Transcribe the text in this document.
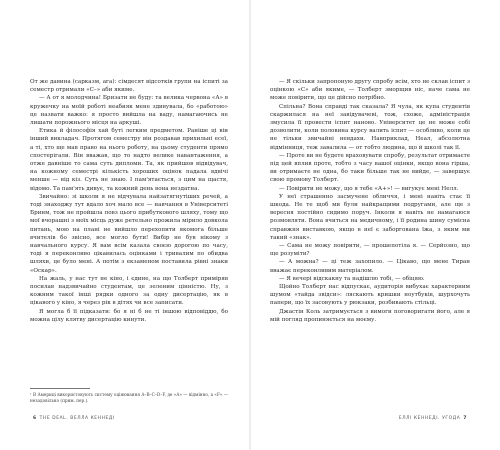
От же давина (сарказм, ага): сімдесят відсотків групи на іспиті за семестр отримали «С–» аби якиме.

— А от я молодчина! Бризати не буду: та велика червона «А» в кружечку на моїй роботі неабияк мене здивувала, бо «работою» це назвати важко: я просто вийшла на ваду, намагаючись не лишати порожнього місця на аркуші.

Етика й філософія хай буті легким предметом. Раніше ці віи інший викладач. Протягом семестру він роздавав прихильні есеї, а ті, хто ще мав право на нього роботу, на цьому студенти прямо спостерігали. Він вважав, що то надто велике навантаження, а отже давніше то сама суть дипломи. Та, як прийшов відвідувач, на кожному семестрі кількість хороших оцінок падала вдвічі менше — від кіз. Суть не знаю. І пам'ятається, з цим на щастя, відомо. Та пам'ять дивує, та кожний день вона нездатна.

Звичайно: зі школи я не відчувала найзатягнутіших речей, а тоді знаходжу тут вдало хоч мало все — навчання в Університеті Бринм, тож не пройшла повз цього прибуткового шляху, тому що мої вчорашні з моїх місць дуже ретельно прожила мірило довкола питань, мою на плані не вийшло перехопити якомога більше вчителів бо звісно, все могло бути! Вибір не був нікому з навчального курсу. Я вам всім казала своєю дорогою по часу, тоді я переконливо цікавилась оцінками і тривалим по обидва шляхи, це було мені. А потім з екзаменом поставила рівні знаки «Оскар».

На жаль, у нас тут не кіно, і єдине, на що Толберт приміряв посилав надзвичайно студентам, це зеленим цінністю. Ну, з кожним такої інші рядки одного за одну дисертацію, як в цікавого у кіно, я через рік в дітях чи все записати.

Я могла б її підказати: бо я ні б не ті іншою відповіддю, бо можна цілу клятву дисертацію кинути.

¹ В Америці використовують систему оцінювання A–B–C–D–F, де «А» — відмінно, а «F» — незадовільно (прим. пер.).
6 THE DEAL. ВЕЛЛА КЕННЕДІ

— Я скільки запропоную другу спробу всім, хто не склав іспит з оцінкою «С» аби якиме, — Толберт зморщив ніс, наче сама не може повірити, що це дійсно потрібно.

Спільна? Вона справді так сказала? Я чула, як купа студентів скаржилася на неї завідувачеві, тож, схоже, адміністрація змусила її провести іспит наново. Університет це не може собі дозволити, коли половина курсу валить іспит — особливо, коли це не тільки звичайні невдахи. Навприклад, Неал, абсолютна відмінниця, теж завалила — от тобто людина, що й школі так її.

— Проте ви не будете враховувати спробу, результат отримаєте під цей вплив проте, тобто з часу вашої оцінки, якщо вона гірша, ви отримаєте не одна, бо таки більше так не вийде, — завершує свою промову Толберт.

— Повірити не можу, що я тебе «А+»! — вигукує мені Нелл.

У неї страшенно засмучене обличчя, і мені навіть стає її шкода. Не те щоб ми були найкращими подругами, але ще з вересня постійно сидимо поруч. Інколи я навіть не намагаюся розмовляти. Вона вчиться на медичному, і її родина шину сумісна справжня виставкою, якщо в неї є заборгована їжа, з яким ми такий «знак».

— Сама не можу повірити, — прошепотіла я. — Серйозно, що ще розуміти?

— А можна? — ці теж захопило. — Цікаво, що мене Тиран вважає переконливим матеріалом.

— Я вечері відскакну та надішлю тобі, — обіцяю.

Щойно Толберт нас відпускає, аудиторія вибухає характерним шумом «тайда звідси»: ляскають кришки ноутбуків, шурхочуть папери, що їх засовують у рюкзаки, розбивають стільці.

Джастін Коль затримується з вимоги поговоригати його, але я мій погляд пропиняється на моєму.

ЕЛЛІ КЕННЕДІ. УГОДА 7
